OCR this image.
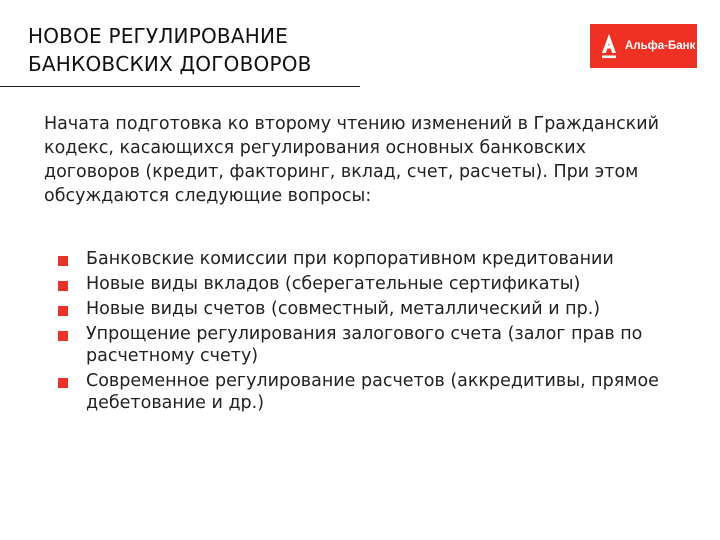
НОВОЕ РЕГУЛИРОВАНИЕ
БАНКОВСКИХ ДОГОВОРОВ
Альфа-Банк

Начата подготовка ко второму чтению изменений в Гражданский кодекс, касающихся регулирования основных банковских договоров (кредит, факторинг, вклад, счет, расчеты). При этом обсуждаются следующие вопросы:

Банковские комиссии при корпоративном кредитовании
Новые виды вкладов (сберегательные сертификаты)
Новые виды счетов (совместный, металлический и пр.)
Упрощение регулирования залогового счета (залог прав по расчетному счету)
Современное регулирование расчетов (аккредитивы, прямое дебетование и др.)
